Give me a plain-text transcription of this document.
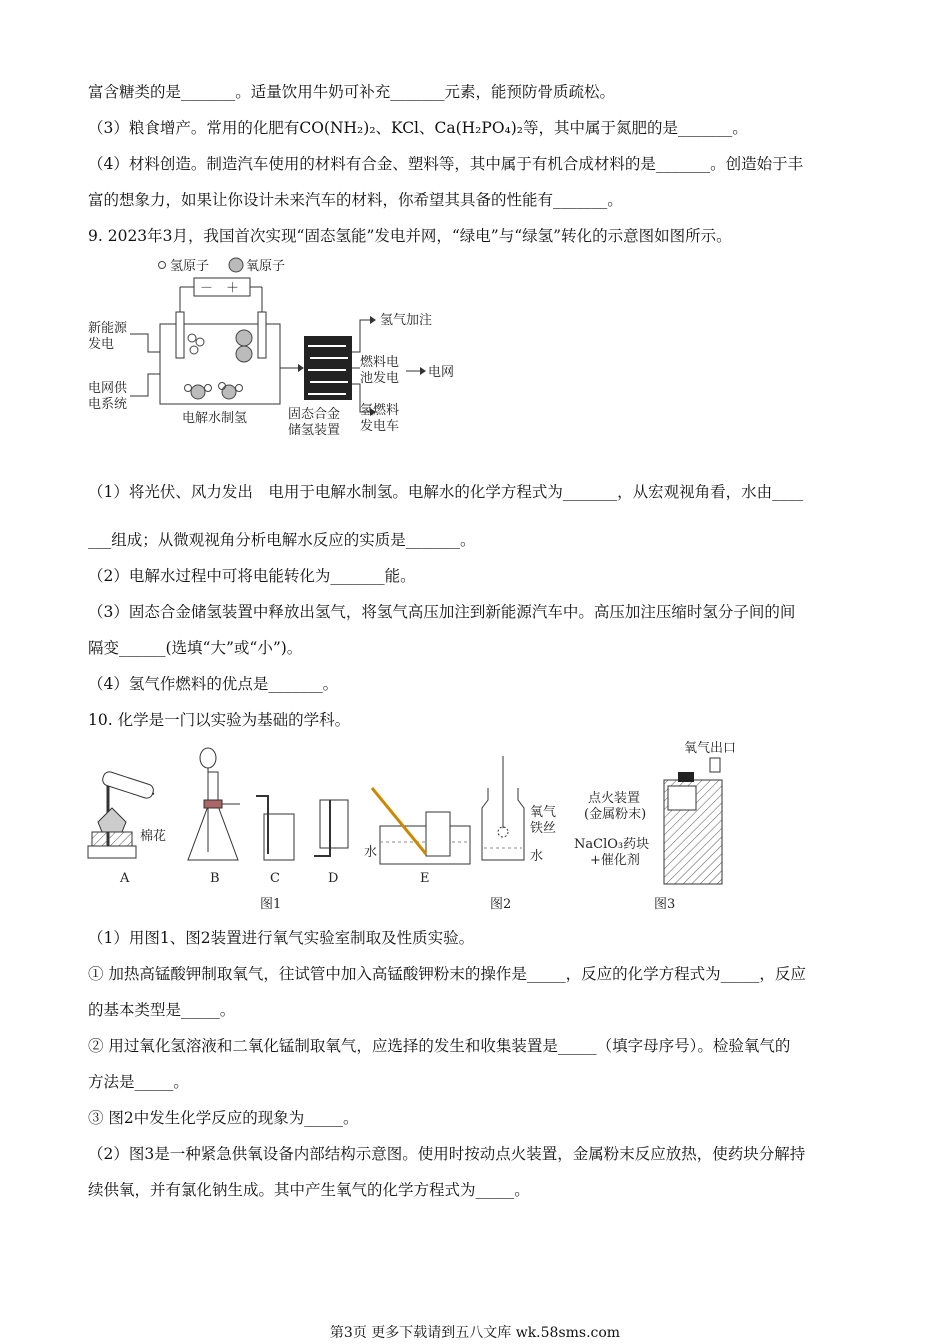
富含糖类的是_______。适量饮用牛奶可补充_______元素，能预防骨质疏松。
（3）粮食增产。常用的化肥有CO(NH₂)₂、KCl、Ca(H₂PO₄)₂等，其中属于氮肥的是_______。
（4）材料创造。制造汽车使用的材料有合金、塑料等，其中属于有机合成材料的是_______。创造始于丰
富的想象力，如果让你设计未来汽车的材料，你希望其具备的性能有_______。
9. 2023年3月，我国首次实现“固态氢能”发电并网，“绿电”与“绿氢”转化的示意图如图所示。
氢原子	氧原子
－　＋
电解水制氢
新能源
发电
电网供
电系统
固态合金
储氢装置
氢气加注
燃料电
池发电 电网
氢燃料
发电车
（1）将光伏、风力发出　电用于电解水制氢。电解水的化学方程式为_______，从宏观视角看，水由____
___组成；从微观视角分析电解水反应的实质是_______。
（2）电解水过程中可将电能转化为_______能。
（3）固态合金储氢装置中释放出氢气，将氢气高压加注到新能源汽车中。高压加注压缩时氢分子间的间
隔变______(选填“大”或“小”)。
（4）氢气作燃料的优点是_______。
10. 化学是一门以实验为基础的学科。
棉花
A	B	C	D
水
E
图1
氧气
铁丝
水
图2
氧气出口
点火装置
(金属粉末)
NaClO₃药块
+催化剂
图3
（1）用图1、图2装置进行氧气实验室制取及性质实验。
① 加热高锰酸钾制取氧气，往试管中加入高锰酸钾粉末的操作是_____，反应的化学方程式为_____，反应
的基本类型是_____。
② 用过氧化氢溶液和二氧化锰制取氧气，应选择的发生和收集装置是_____（填字母序号）。检验氧气的
方法是_____。
③ 图2中发生化学反应的现象为_____。
（2）图3是一种紧急供氧设备内部结构示意图。使用时按动点火装置，金属粉末反应放热，使药块分解持
续供氧，并有氯化钠生成。其中产生氧气的化学方程式为_____。
第3页 更多下载请到五八文库 wk.58sms.com
